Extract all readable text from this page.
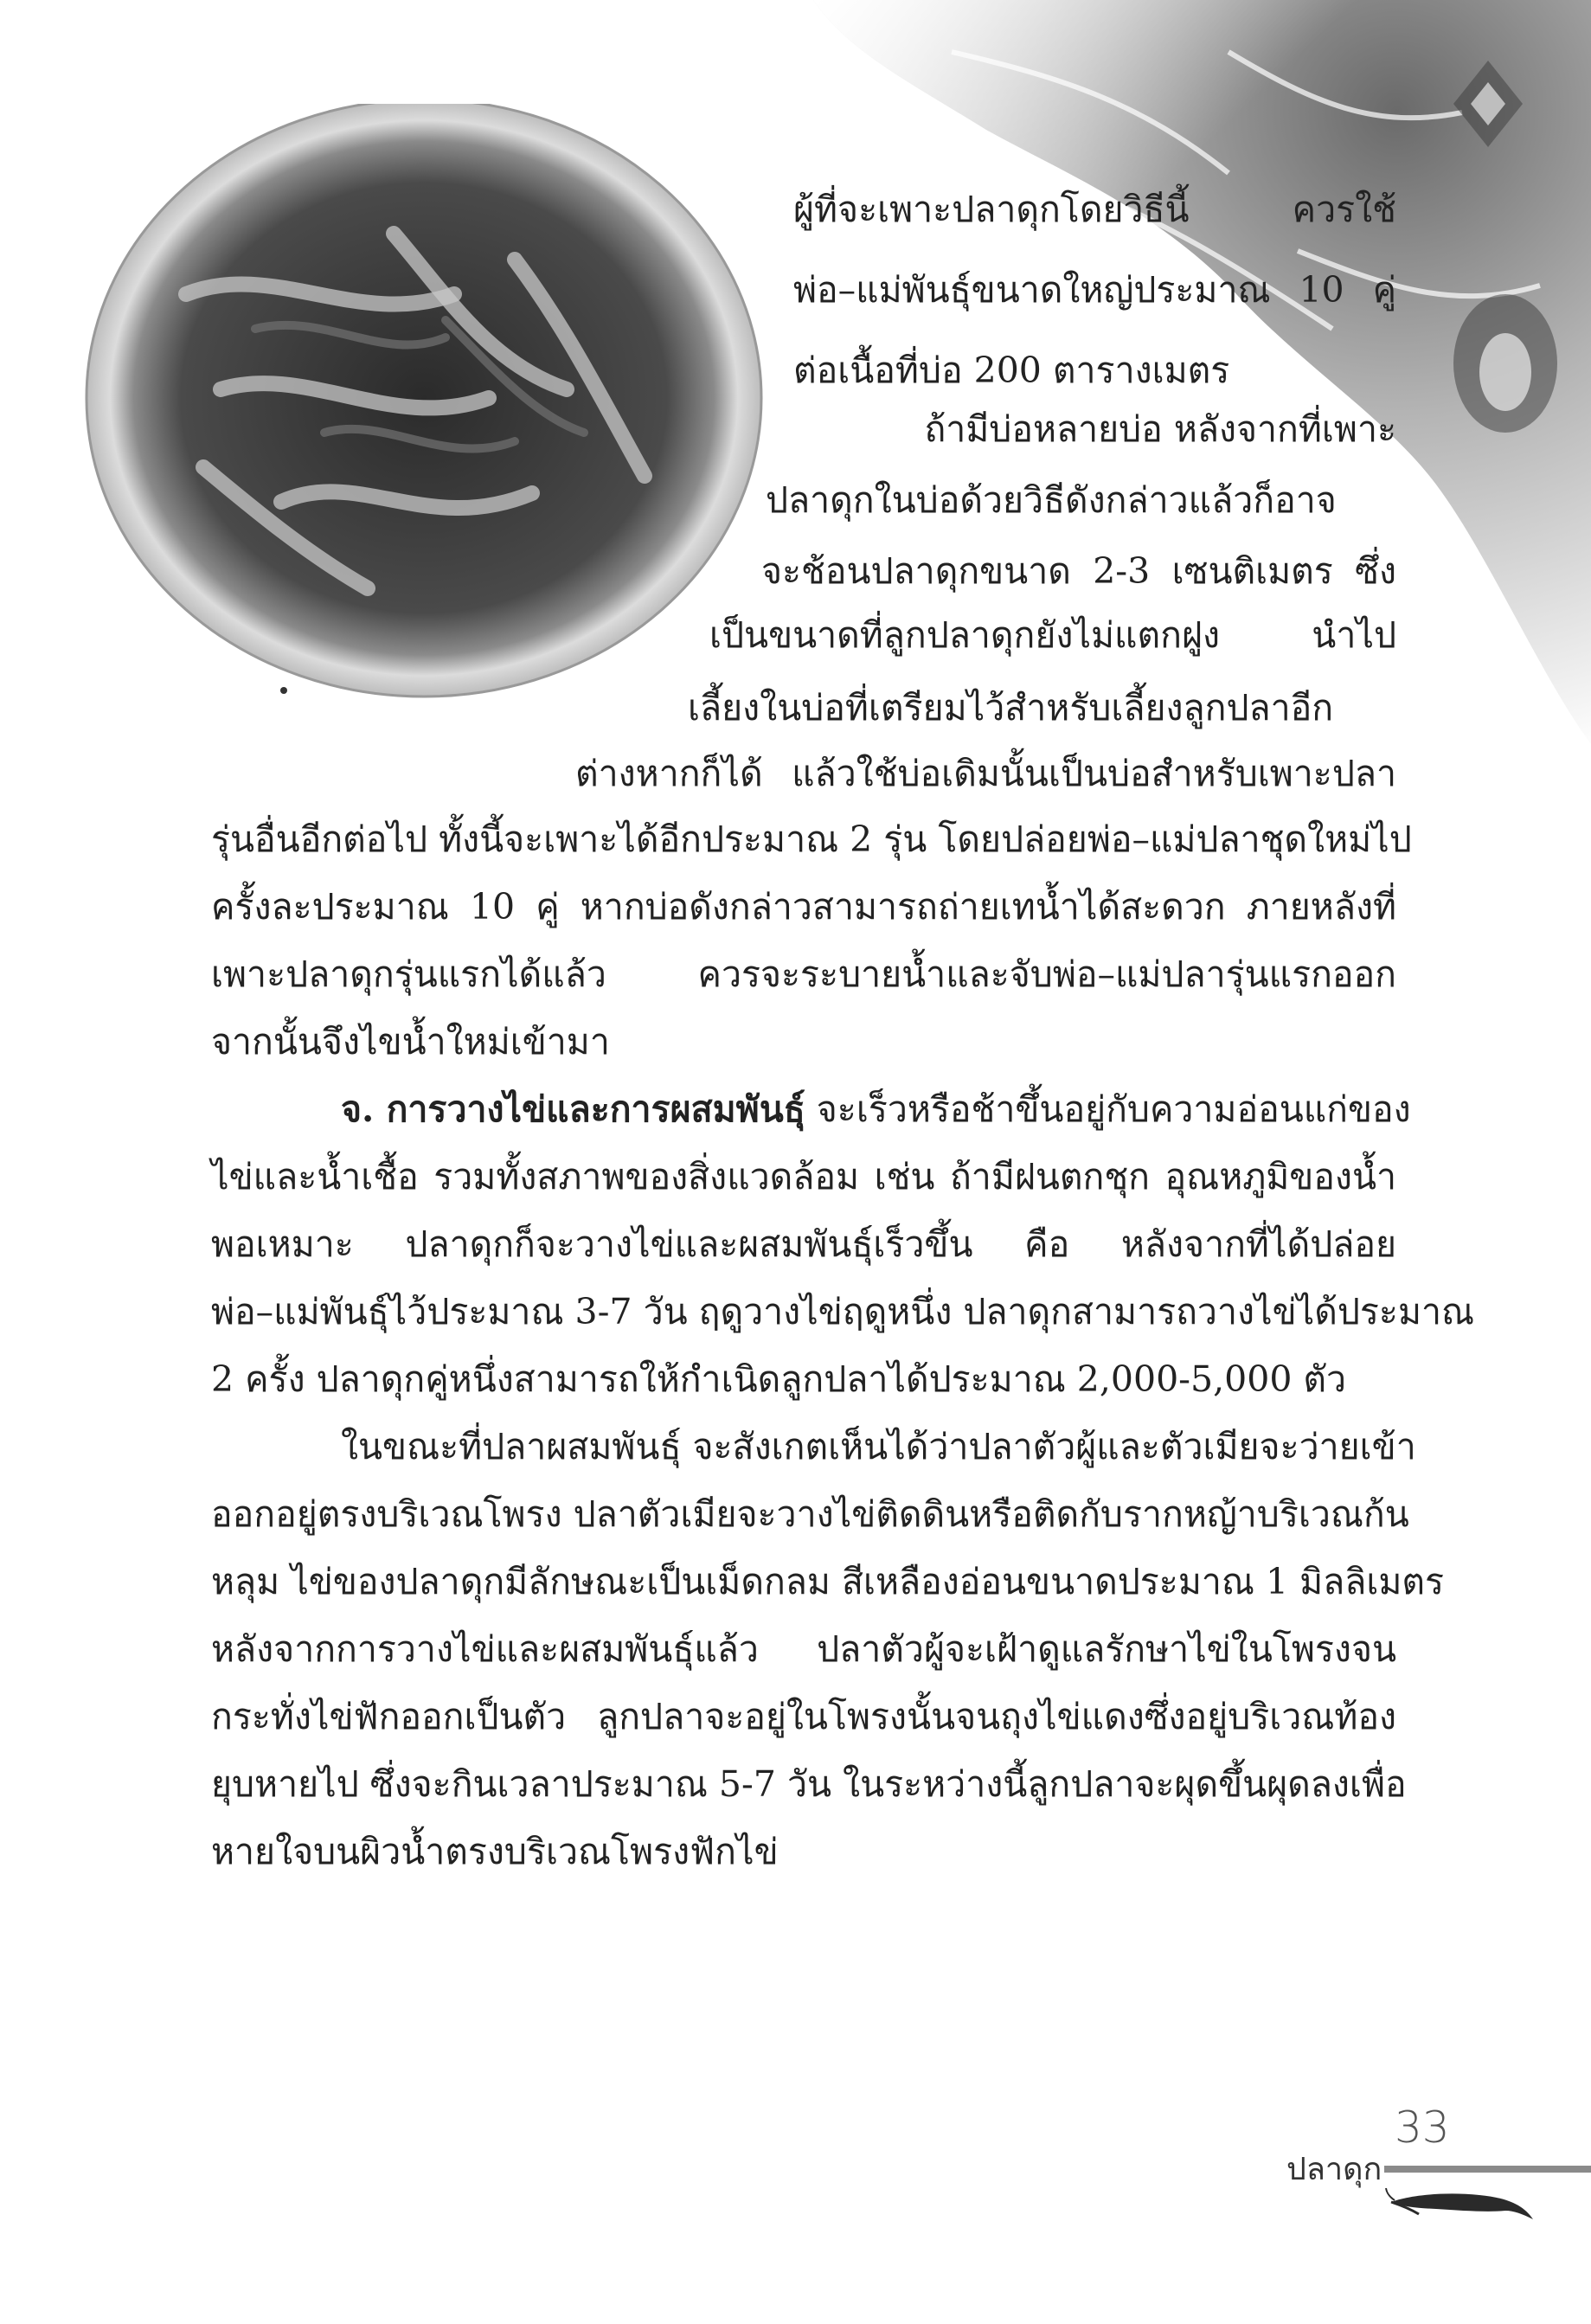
ผู้ที่จะเพาะปลาดุกโดยวิธีนี้ ควรใช้
พ่อ–แม่พันธุ์ขนาดใหญ่ประมาณ 10 คู่
ต่อเนื้อที่บ่อ 200 ตารางเมตร
ถ้ามีบ่อหลายบ่อ หลังจากที่เพาะ
ปลาดุกในบ่อด้วยวิธีดังกล่าวแล้วก็อาจ
จะช้อนปลาดุกขนาด 2-3 เซนติเมตร ซึ่ง
เป็นขนาดที่ลูกปลาดุกยังไม่แตกฝูง นำไป
เลี้ยงในบ่อที่เตรียมไว้สำหรับเลี้ยงลูกปลาอีก
ต่างหากก็ได้ แล้วใช้บ่อเดิมนั้นเป็นบ่อสำหรับเพาะปลา
รุ่นอื่นอีกต่อไป ทั้งนี้จะเพาะได้อีกประมาณ 2 รุ่น โดยปล่อยพ่อ–แม่ปลาชุดใหม่ไป
ครั้งละประมาณ 10 คู่ หากบ่อดังกล่าวสามารถถ่ายเทน้ำได้สะดวก ภายหลังที่
เพาะปลาดุกรุ่นแรกได้แล้ว ควรจะระบายน้ำและจับพ่อ–แม่ปลารุ่นแรกออก
จากนั้นจึงไขน้ำใหม่เข้ามา
จ. การวางไข่และการผสมพันธุ์ จะเร็วหรือช้าขึ้นอยู่กับความอ่อนแก่ของ
ไข่และน้ำเชื้อ รวมทั้งสภาพของสิ่งแวดล้อม เช่น ถ้ามีฝนตกชุก อุณหภูมิของน้ำ
พอเหมาะ ปลาดุกก็จะวางไข่และผสมพันธุ์เร็วขึ้น คือ หลังจากที่ได้ปล่อย
พ่อ–แม่พันธุ์ไว้ประมาณ 3-7 วัน ฤดูวางไข่ฤดูหนึ่ง ปลาดุกสามารถวางไข่ได้ประมาณ
2 ครั้ง ปลาดุกคู่หนึ่งสามารถให้กำเนิดลูกปลาได้ประมาณ 2,000-5,000 ตัว
ในขณะที่ปลาผสมพันธุ์ จะสังเกตเห็นได้ว่าปลาตัวผู้และตัวเมียจะว่ายเข้า
ออกอยู่ตรงบริเวณโพรง ปลาตัวเมียจะวางไข่ติดดินหรือติดกับรากหญ้าบริเวณก้น
หลุม ไข่ของปลาดุกมีลักษณะเป็นเม็ดกลม สีเหลืองอ่อนขนาดประมาณ 1 มิลลิเมตร
หลังจากการวางไข่และผสมพันธุ์แล้ว ปลาตัวผู้จะเฝ้าดูแลรักษาไข่ในโพรงจน
กระทั่งไข่ฟักออกเป็นตัว ลูกปลาจะอยู่ในโพรงนั้นจนถุงไข่แดงซึ่งอยู่บริเวณท้อง
ยุบหายไป ซึ่งจะกินเวลาประมาณ 5-7 วัน ในระหว่างนี้ลูกปลาจะผุดขึ้นผุดลงเพื่อ
หายใจบนผิวน้ำตรงบริเวณโพรงฟักไข่
ปลาดุก
33
